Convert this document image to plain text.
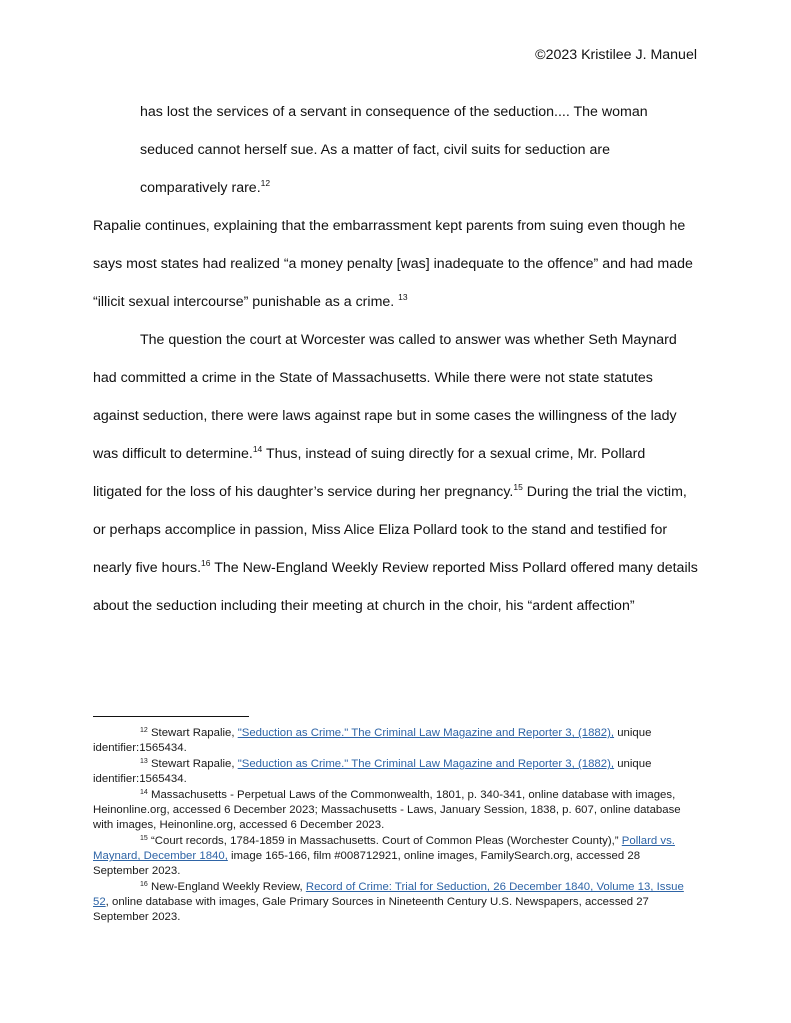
©2023 Kristilee J. Manuel
has lost the services of a servant in consequence of the seduction.... The woman
seduced cannot herself sue. As a matter of fact, civil suits for seduction are
comparatively rare.$^{12}$
Rapalie continues, explaining that the embarrassment kept parents from suing even though he
says most states had realized “a money penalty [was] inadequate to the offence” and had made
“illicit sexual intercourse” punishable as a crime. $^{13}$
The question the court at Worcester was called to answer was whether Seth Maynard
had committed a crime in the State of Massachusetts. While there were not state statutes
against seduction, there were laws against rape but in some cases the willingness of the lady
was difficult to determine.$^{14}$ Thus, instead of suing directly for a sexual crime, Mr. Pollard
litigated for the loss of his daughter’s service during her pregnancy.$^{15}$ During the trial the victim,
or perhaps accomplice in passion, Miss Alice Eliza Pollard took to the stand and testified for
nearly five hours.$^{16}$ The New-England Weekly Review reported Miss Pollard offered many details
about the seduction including their meeting at church in the choir, his “ardent affection”
$^{12}$ Stewart Rapalie, "Seduction as Crime." The Criminal Law Magazine and Reporter 3, (1882), unique
identifier:1565434.
$^{13}$ Stewart Rapalie, "Seduction as Crime." The Criminal Law Magazine and Reporter 3, (1882), unique
identifier:1565434.
$^{14}$ Massachusetts - Perpetual Laws of the Commonwealth, 1801, p. 340-341, online database with images,
Heinonline.org, accessed 6 December 2023; Massachusetts - Laws, January Session, 1838, p. 607, online database
with images, Heinonline.org, accessed 6 December 2023.
$^{15}$ “Court records, 1784-1859 in Massachusetts. Court of Common Pleas (Worchester County),” Pollard vs.
Maynard, December 1840, image 165-166, film #008712921, online images, FamilySearch.org, accessed 28
September 2023.
$^{16}$ New-England Weekly Review, Record of Crime: Trial for Seduction, 26 December 1840, Volume 13, Issue
52, online database with images, Gale Primary Sources in Nineteenth Century U.S. Newspapers, accessed 27
September 2023.
